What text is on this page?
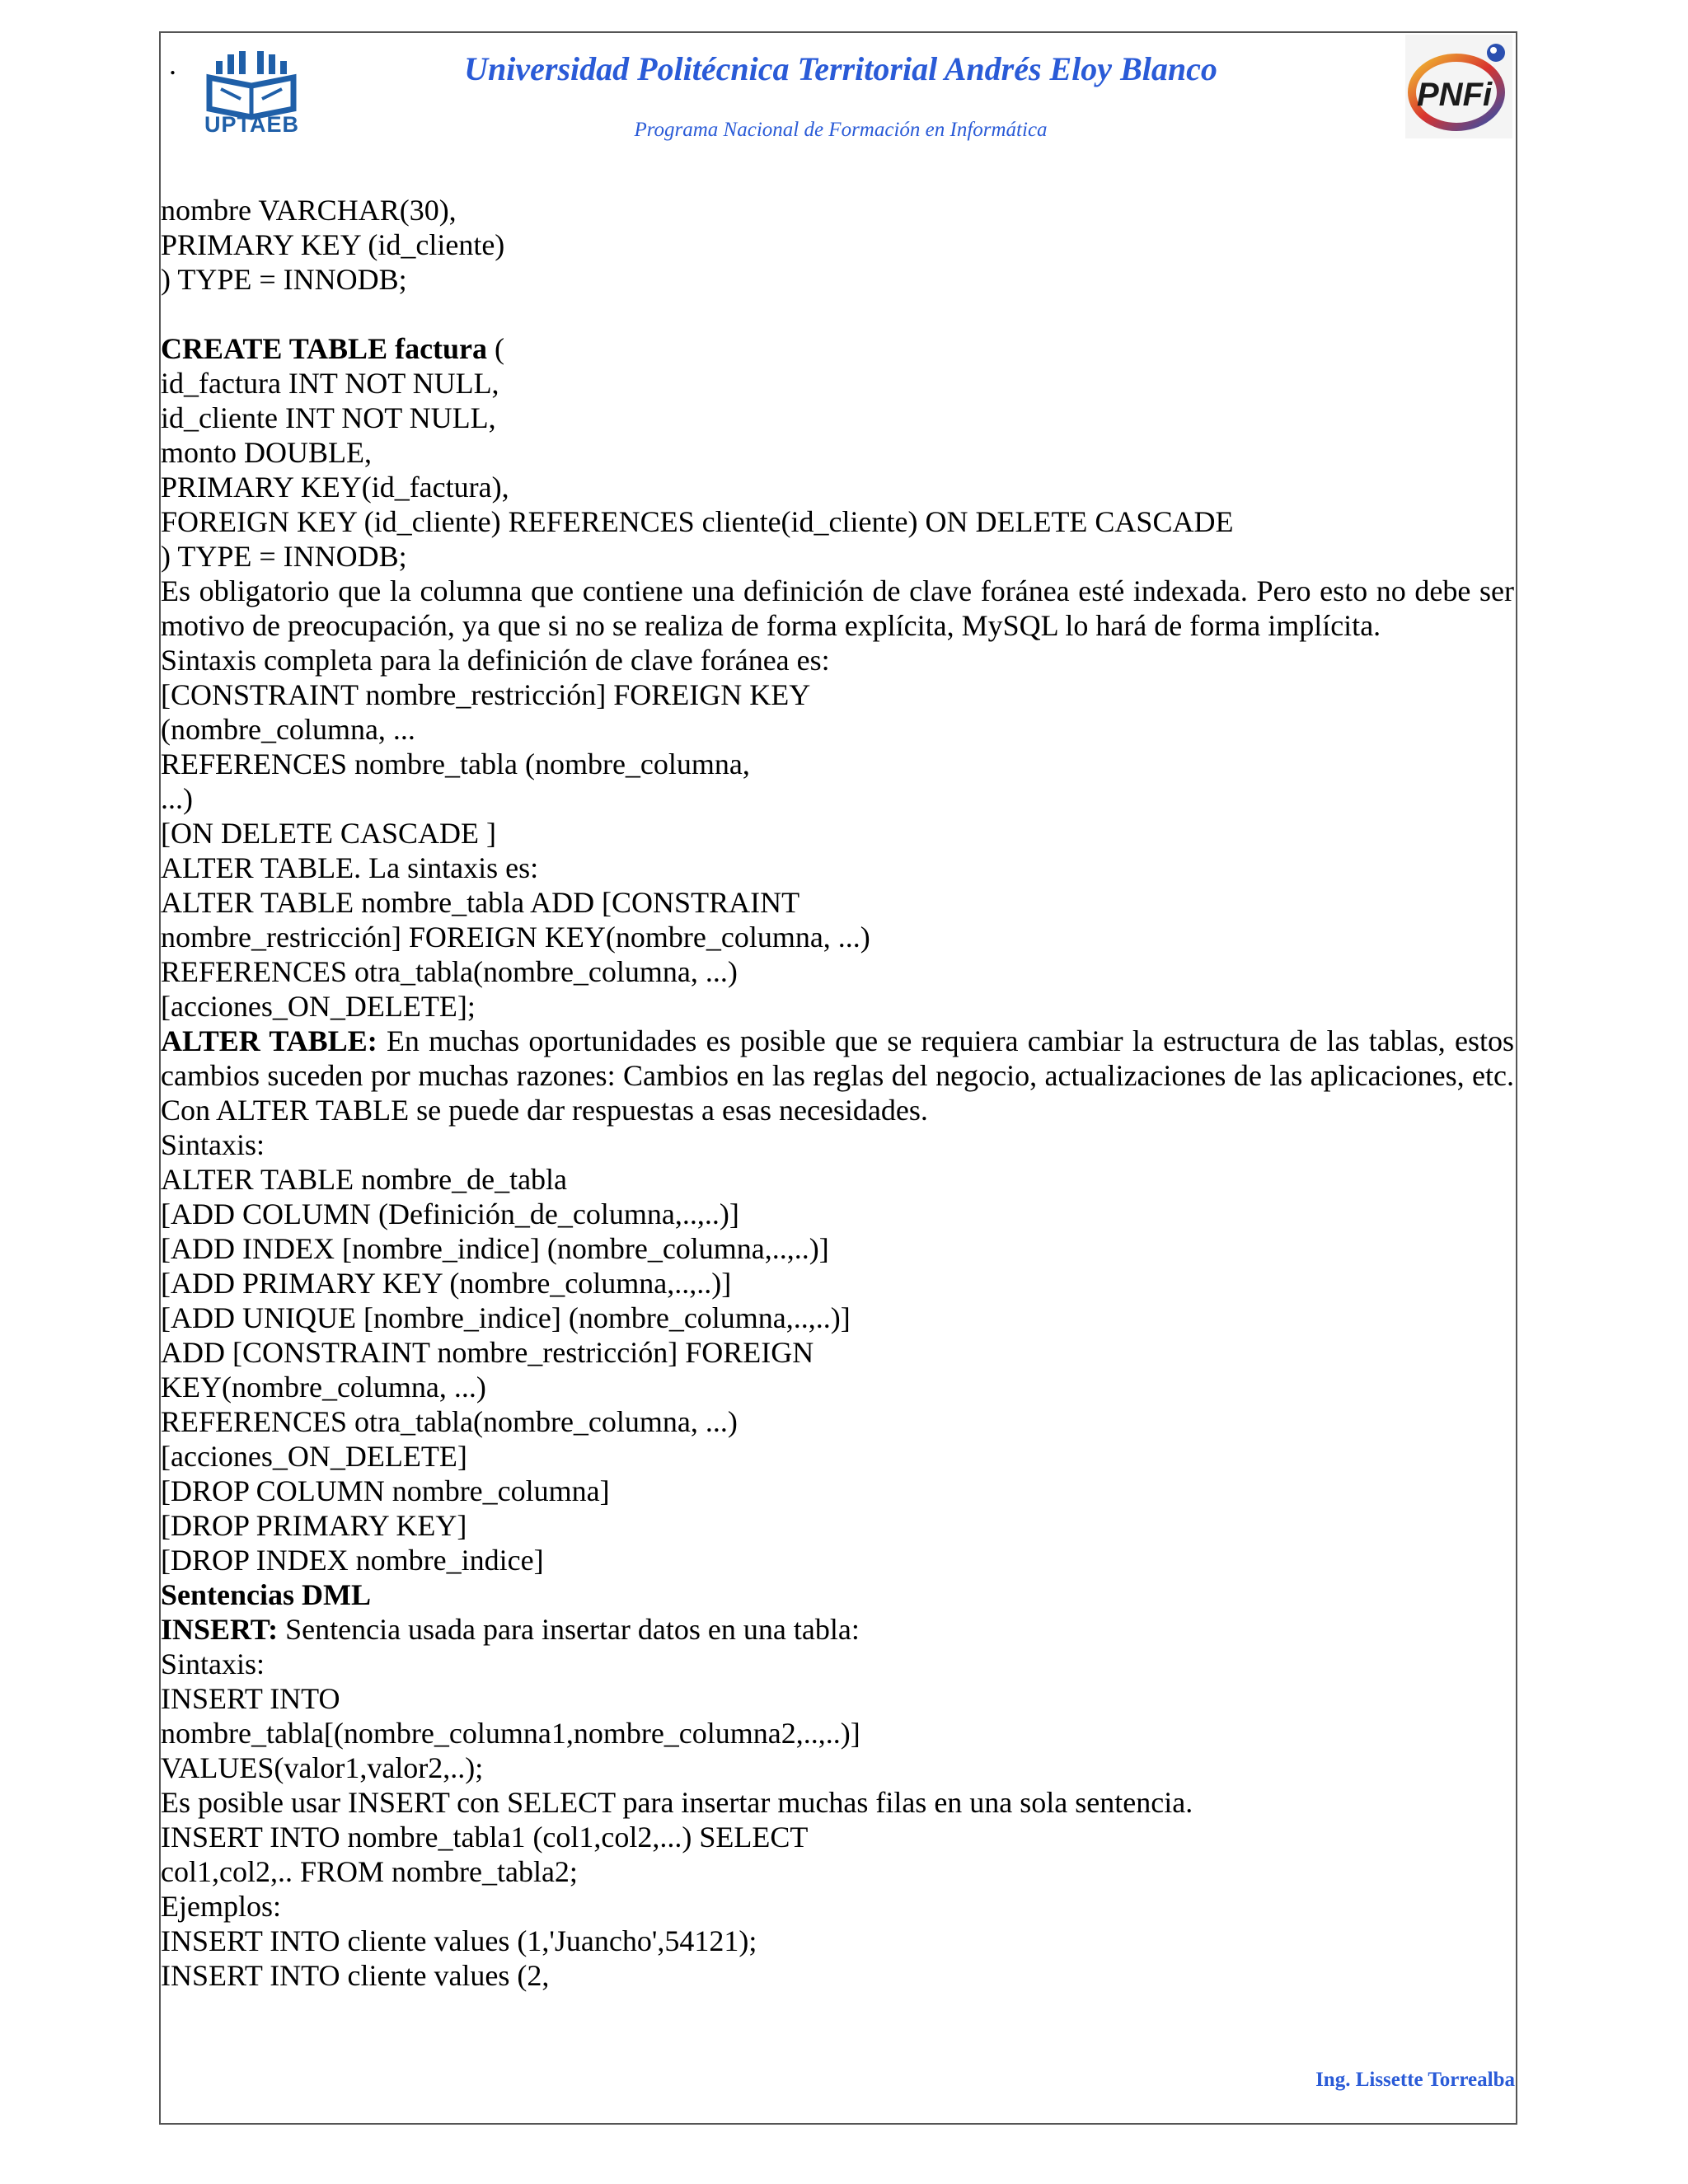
.
UPTAEB
Universidad Politécnica Territorial Andrés Eloy Blanco
Programa Nacional de Formación en Informática
PNFi
nombre VARCHAR(30),
PRIMARY KEY (id_cliente)
) TYPE = INNODB;
CREATE TABLE factura (
id_factura INT NOT NULL,
id_cliente INT NOT NULL,
monto DOUBLE,
PRIMARY KEY(id_factura),
FOREIGN KEY (id_cliente) REFERENCES cliente(id_cliente) ON DELETE CASCADE
) TYPE = INNODB;
Es obligatorio que la columna que contiene una definición de clave foránea esté indexada. Pero esto no debe ser motivo de preocupación, ya que si no se realiza de forma explícita, MySQL lo hará de forma implícita.
Sintaxis completa para la definición de clave foránea es:
[CONSTRAINT nombre_restricción] FOREIGN KEY
(nombre_columna, ...
REFERENCES nombre_tabla (nombre_columna,
...)
[ON DELETE CASCADE ]
ALTER TABLE. La sintaxis es:
ALTER TABLE nombre_tabla ADD [CONSTRAINT
nombre_restricción] FOREIGN KEY(nombre_columna, ...)
REFERENCES otra_tabla(nombre_columna, ...)
[acciones_ON_DELETE];
ALTER TABLE: En muchas oportunidades es posible que se requiera cambiar la estructura de las tablas, estos cambios suceden por muchas razones: Cambios en las reglas del negocio, actualizaciones de las aplicaciones, etc. Con ALTER TABLE se puede dar respuestas a esas necesidades.
Sintaxis:
ALTER TABLE nombre_de_tabla
[ADD COLUMN (Definición_de_columna,..,..)]
[ADD INDEX [nombre_indice] (nombre_columna,..,..)]
[ADD PRIMARY KEY (nombre_columna,..,..)]
[ADD UNIQUE [nombre_indice] (nombre_columna,..,..)]
ADD [CONSTRAINT nombre_restricción] FOREIGN
KEY(nombre_columna, ...)
REFERENCES otra_tabla(nombre_columna, ...)
[acciones_ON_DELETE]
[DROP COLUMN nombre_columna]
[DROP PRIMARY KEY]
[DROP INDEX nombre_indice]
Sentencias DML
INSERT: Sentencia usada para insertar datos en una tabla:
Sintaxis:
INSERT INTO
nombre_tabla[(nombre_columna1,nombre_columna2,..,..)]
VALUES(valor1,valor2,..);
Es posible usar INSERT con SELECT para insertar muchas filas en una sola sentencia.
INSERT INTO nombre_tabla1 (col1,col2,...) SELECT
col1,col2,.. FROM nombre_tabla2;
Ejemplos:
INSERT INTO cliente values (1,'Juancho',54121);
INSERT INTO cliente values (2,
Ing. Lissette Torrealba
